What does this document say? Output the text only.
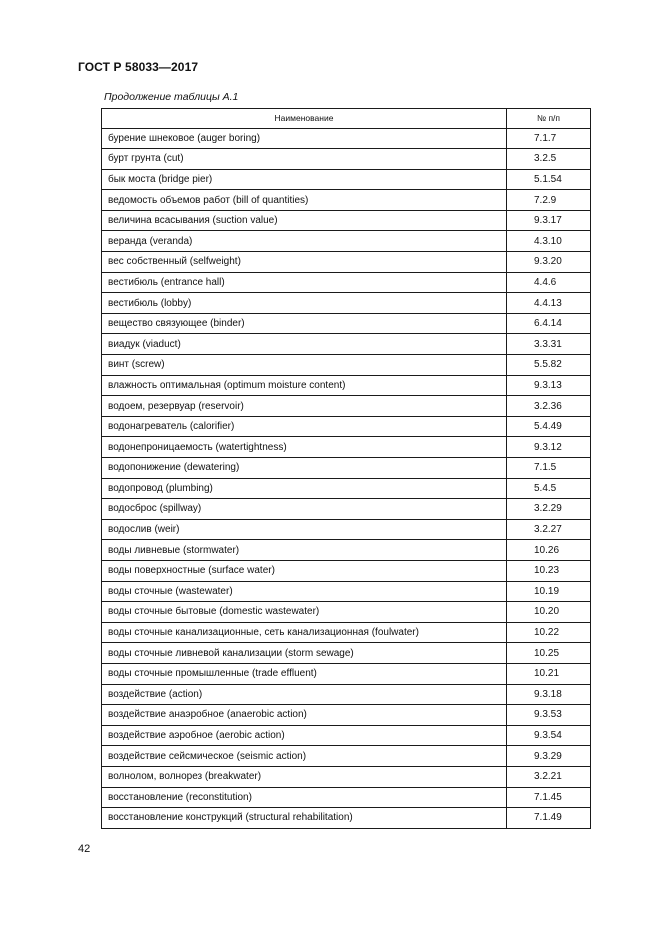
ГОСТ Р 58033—2017
Продолжение таблицы А.1
Наименование	№ п/п
бурение шнековое (auger boring)	7.1.7
бурт грунта (cut)	3.2.5
бык моста (bridge pier)	5.1.54
ведомость объемов работ (bill of quantities)	7.2.9
величина всасывания (suction value)	9.3.17
веранда (veranda)	4.3.10
вес собственный (selfweight)	9.3.20
вестибюль (entrance hall)	4.4.6
вестибюль (lobby)	4.4.13
вещество связующее (binder)	6.4.14
виадук (viaduct)	3.3.31
винт (screw)	5.5.82
влажность оптимальная (optimum moisture content)	9.3.13
водоем, резервуар (reservoir)	3.2.36
водонагреватель (calorifier)	5.4.49
водонепроницаемость (watertightness)	9.3.12
водопонижение (dewatering)	7.1.5
водопровод (plumbing)	5.4.5
водосброс (spillway)	3.2.29
водослив (weir)	3.2.27
воды ливневые (stormwater)	10.26
воды поверхностные (surface water)	10.23
воды сточные (wastewater)	10.19
воды сточные бытовые (domestic wastewater)	10.20
воды сточные канализационные, сеть канализационная (foulwater)	10.22
воды сточные ливневой канализации (storm sewage)	10.25
воды сточные промышленные (trade effluent)	10.21
воздействие (action)	9.3.18
воздействие анаэробное (anaerobic action)	9.3.53
воздействие аэробное (aerobic action)	9.3.54
воздействие сейсмическое (seismic action)	9.3.29
волнолом, волнорез (breakwater)	3.2.21
восстановление (reconstitution)	7.1.45
восстановление конструкций (structural rehabilitation)	7.1.49
42
